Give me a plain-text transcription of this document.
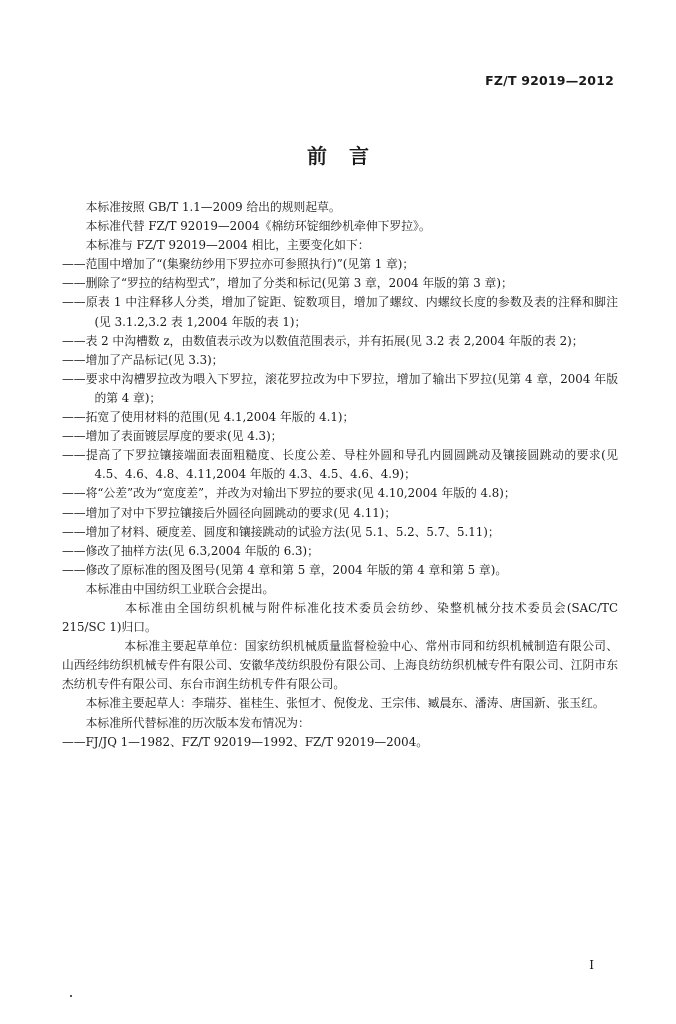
FZ/T 92019—2012
前言

本标准按照 GB/T 1.1—2009 给出的规则起草。

本标准代替 FZ/T 92019—2004《棉纺环锭细纱机牵伸下罗拉》。

本标准与 FZ/T 92019—2004 相比，主要变化如下：

——范围中增加了“(集聚纺纱用下罗拉亦可参照执行)”(见第 1 章)；

——删除了“罗拉的结构型式”，增加了分类和标记(见第 3 章，2004 年版的第 3 章)；

——原表 1 中注释移人分类，增加了锭距、锭数项目，增加了螺纹、内螺纹长度的参数及表的注释和脚注(见 3.1.2,3.2 表 1,2004 年版的表 1)；

——表 2 中沟槽数 z，由数值表示改为以数值范围表示，并有拓展(见 3.2 表 2,2004 年版的表 2)；

——增加了产品标记(见 3.3)；

——要求中沟槽罗拉改为喂入下罗拉，滚花罗拉改为中下罗拉，增加了输出下罗拉(见第 4 章，2004 年版的第 4 章)；

——拓宽了使用材料的范围(见 4.1,2004 年版的 4.1)；

——增加了表面镀层厚度的要求(见 4.3)；

——提高了下罗拉镶接端面表面粗糙度、长度公差、导柱外圆和导孔内圆圆跳动及镶接圆跳动的要求(见 4.5、4.6、4.8、4.11,2004 年版的 4.3、4.5、4.6、4.9)；

——将“公差”改为“宽度差”，并改为对输出下罗拉的要求(见 4.10,2004 年版的 4.8)；

——增加了对中下罗拉镶接后外圆径向圆跳动的要求(见 4.11)；

——增加了材料、硬度差、圆度和镶接跳动的试验方法(见 5.1、5.2、5.7、5.11)；

——修改了抽样方法(见 6.3,2004 年版的 6.3)；

——修改了原标准的图及图号(见第 4 章和第 5 章，2004 年版的第 4 章和第 5 章)。

本标准由中国纺织工业联合会提出。

本标准由全国纺织机械与附件标准化技术委员会纺纱、染整机械分技术委员会(SAC/TC 215/SC 1)归口。

本标准主要起草单位：国家纺织机械质量监督检验中心、常州市同和纺织机械制造有限公司、山西经纬纺织机械专件有限公司、安徽华茂纺织股份有限公司、上海良纺纺织机械专件有限公司、江阴市东杰纺机专件有限公司、东台市润生纺机专件有限公司。

本标准主要起草人：李瑞芬、崔桂生、张恒才、倪俊龙、王宗伟、臧晨东、潘涛、唐国新、张玉红。

本标准所代替标准的历次版本发布情况为：

——FJ/JQ 1—1982、FZ/T 92019—1992、FZ/T 92019—2004。

I
